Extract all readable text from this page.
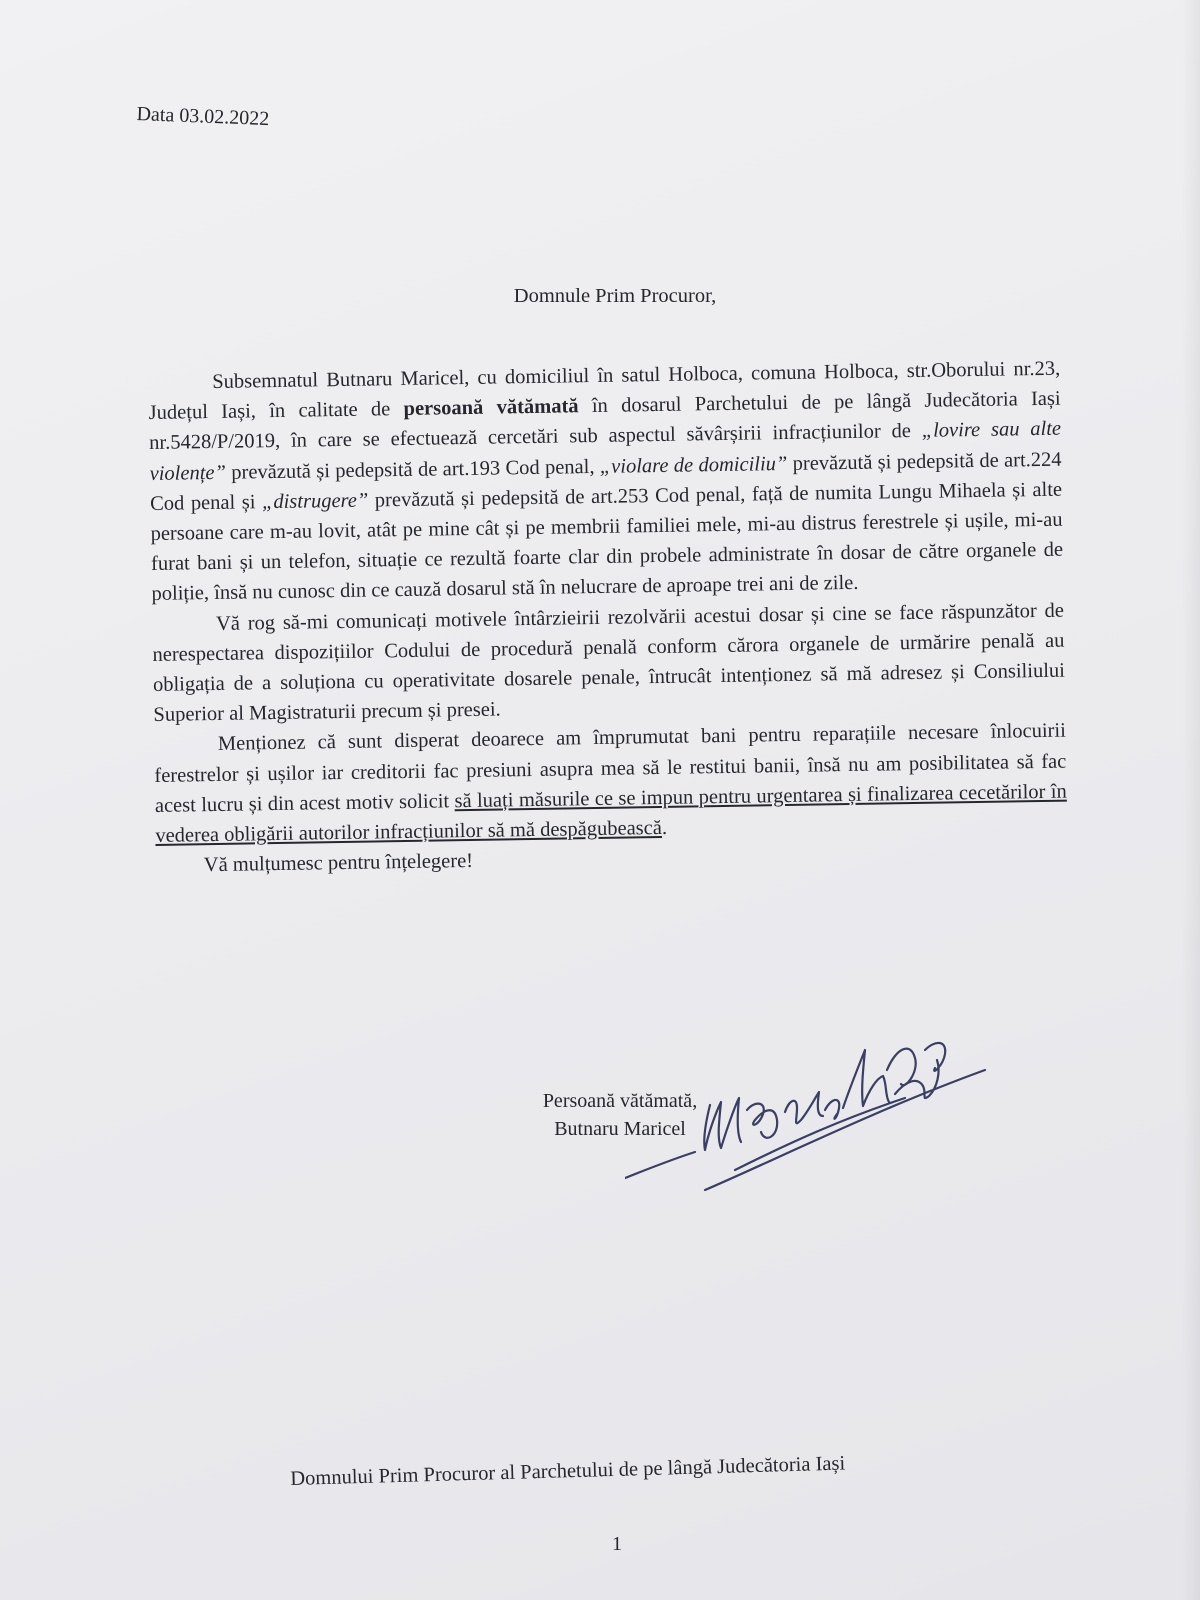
Data 03.02.2022
Domnule Prim Procuror,

Subsemnatul Butnaru Maricel, cu domiciliul în satul Holboca, comuna Holboca, str.Oborului nr.23, Județul Iași, în calitate de persoană vătămată în dosarul Parchetului de pe lângă Judecătoria Iași nr.5428/P/2019, în care se efectuează cercetări sub aspectul săvârșirii infracțiunilor de „lovire sau alte violențe” prevăzută și pedepsită de art.193 Cod penal, „violare de domiciliu” prevăzută și pedepsită de art.224 Cod penal și „distrugere” prevăzută și pedepsită de art.253 Cod penal, față de numita Lungu Mihaela și alte persoane care m-au lovit, atât pe mine cât și pe membrii familiei mele, mi-au distrus ferestrele și ușile, mi-au furat bani și un telefon, situație ce rezultă foarte clar din probele administrate în dosar de către organele de poliție, însă nu cunosc din ce cauză dosarul stă în nelucrare de aproape trei ani de zile.

Vă rog să-mi comunicați motivele întârzieirii rezolvării acestui dosar și cine se face răspunzător de nerespectarea dispozițiilor Codului de procedură penală conform cărora organele de urmărire penală au obligația de a soluționa cu operativitate dosarele penale, întrucât intenționez să mă adresez și Consiliului Superior al Magistraturii precum și presei.

Menționez că sunt disperat deoarece am împrumutat bani pentru reparațiile necesare înlocuirii ferestrelor și ușilor iar creditorii fac presiuni asupra mea să le restitui banii, însă nu am posibilitatea să fac acest lucru și din acest motiv solicit să luați măsurile ce se impun pentru urgentarea și finalizarea cecetărilor în vederea obligării autorilor infracțiunilor să mă despăgubească.

Vă mulțumesc pentru înțelegere!

Persoană vătămată,
Butnaru Maricel
Domnului Prim Procuror al Parchetului de pe lângă Judecătoria Iași
1
